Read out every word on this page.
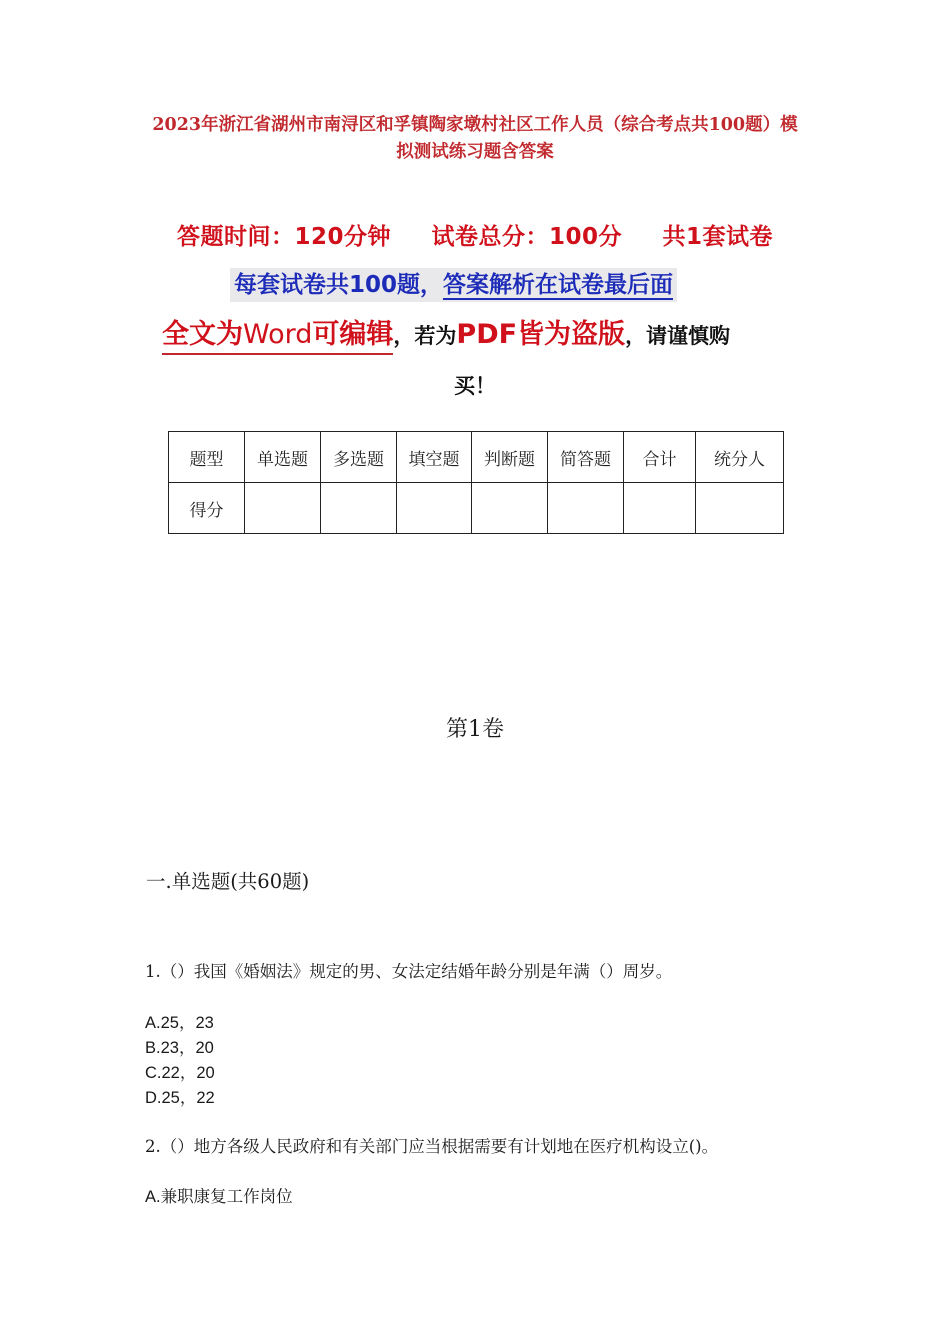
2023年浙江省湖州市南浔区和孚镇陶家墩村社区工作人员（综合考点共100题）模拟测试练习题含答案
答题时间：120分钟 试卷总分：100分 共1套试卷
每套试卷共100题，答案解析在试卷最后面
全文为Word可编辑，若为PDF皆为盗版，请谨慎购
买！
题型	单选题	多选题	填空题	判断题	简答题	合计	统分人
得分							
第1卷
一.单选题(共60题)
1.（）我国《婚姻法》规定的男、女法定结婚年龄分别是年满（）周岁。
A.25，23
B.23，20
C.22，20
D.25，22
2.（）地方各级人民政府和有关部门应当根据需要有计划地在医疗机构设立()。
A.兼职康复工作岗位
